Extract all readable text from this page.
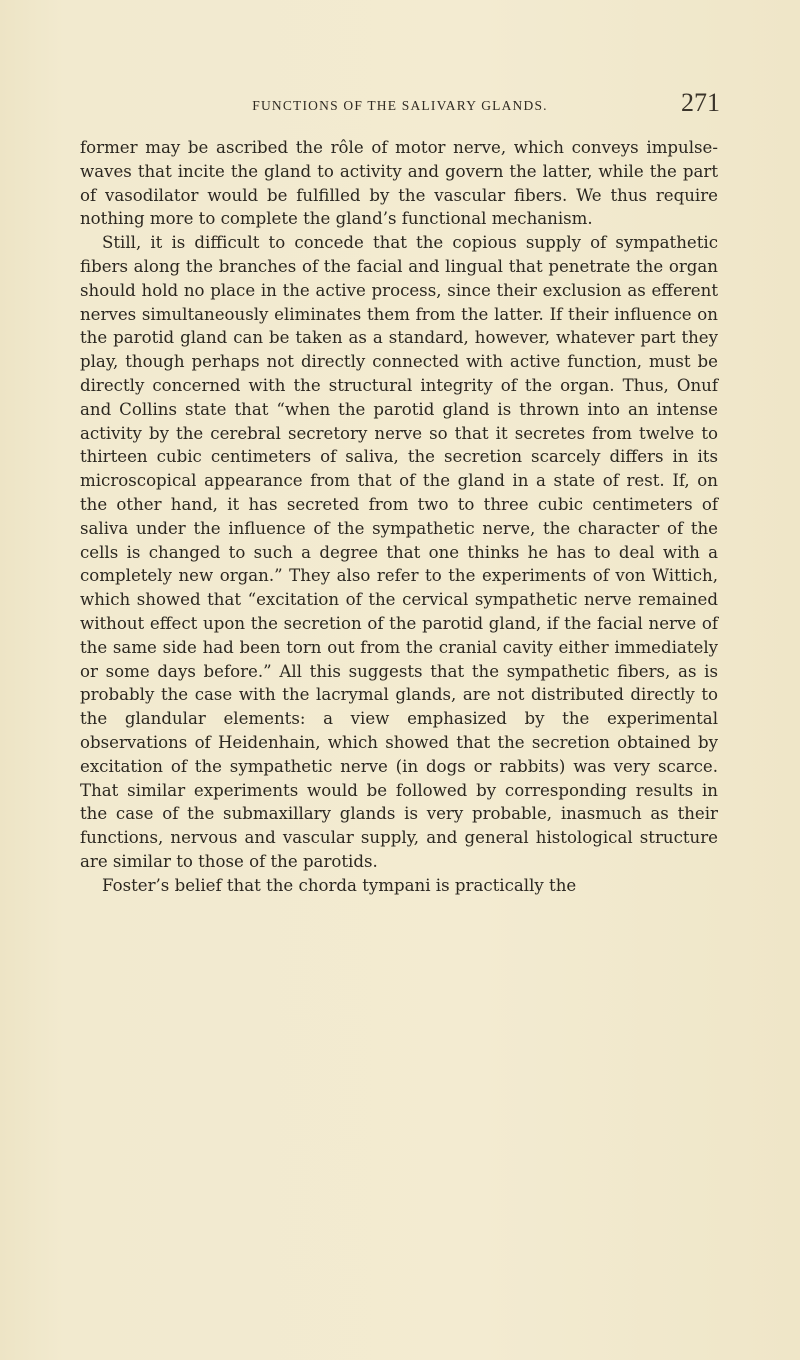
FUNCTIONS OF THE SALIVARY GLANDS.	271

former may be ascribed the rôle of motor nerve, which conveys impulse-waves that incite the gland to activity and govern the latter, while the part of vasodilator would be fulfilled by the vascular fibers. We thus require nothing more to complete the gland’s functional mechanism.

Still, it is difficult to concede that the copious supply of sympathetic fibers along the branches of the facial and lingual that penetrate the organ should hold no place in the active process, since their exclusion as efferent nerves simultaneously eliminates them from the latter. If their influence on the parotid gland can be taken as a standard, however, whatever part they play, though perhaps not directly connected with active function, must be directly concerned with the structural integrity of the organ. Thus, Onuf and Collins state that “when the parotid gland is thrown into an intense activity by the cerebral secretory nerve so that it secretes from twelve to thirteen cubic centimeters of saliva, the secretion scarcely differs in its microscopical appearance from that of the gland in a state of rest. If, on the other hand, it has secreted from two to three cubic centimeters of saliva under the influence of the sympathetic nerve, the character of the cells is changed to such a degree that one thinks he has to deal with a completely new organ.” They also refer to the experiments of von Wittich, which showed that “excitation of the cervical sympathetic nerve remained without effect upon the secretion of the parotid gland, if the facial nerve of the same side had been torn out from the cranial cavity either immediately or some days before.” All this suggests that the sympathetic fibers, as is probably the case with the lacrymal glands, are not distributed directly to the glandular elements: a view emphasized by the experimental observations of Heidenhain, which showed that the secretion obtained by excitation of the sympathetic nerve (in dogs or rabbits) was very scarce. That similar experiments would be followed by corresponding results in the case of the submaxillary glands is very probable, inasmuch as their functions, nervous and vascular supply, and general histological structure are similar to those of the parotids.

Foster’s belief that the chorda tympani is practically the
